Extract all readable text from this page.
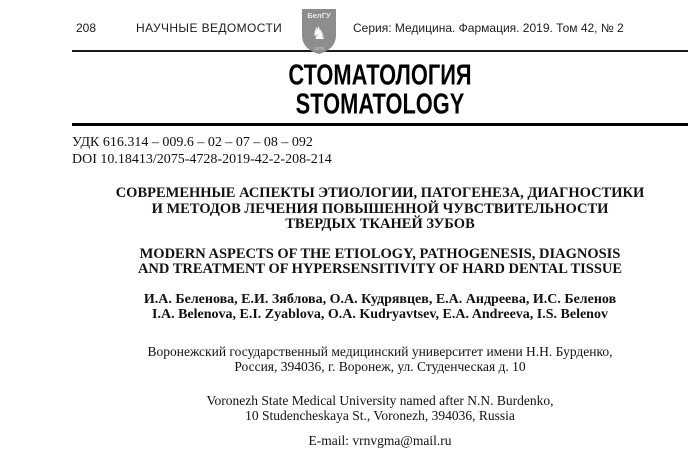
208	НАУЧНЫЕ ВЕДОМОСТИ
БелГУ
♞
1876
Серия: Медицина. Фармация. 2019. Том 42, № 2
СТОМАТОЛОГИЯ
STOMATOLOGY
УДК 616.314 – 009.6 – 02 – 07 – 08 – 092
DOI 10.18413/2075-4728-2019-42-2-208-214
СОВРЕМЕННЫЕ АСПЕКТЫ ЭТИОЛОГИИ, ПАТОГЕНЕЗА, ДИАГНОСТИКИ
И МЕТОДОВ ЛЕЧЕНИЯ ПОВЫШЕННОЙ ЧУВСТВИТЕЛЬНОСТИ
ТВЕРДЫХ ТКАНЕЙ ЗУБОВ
MODERN ASPECTS OF THE ETIOLOGY, PATHOGENESIS, DIAGNOSIS
AND TREATMENT OF HYPERSENSITIVITY OF HARD DENTAL TISSUE
И.А. Беленова, Е.И. Зяблова, О.А. Кудрявцев, Е.А. Андреева, И.С. Беленов
I.A. Belenova, E.I. Zyablova, O.A. Kudryavtsev, E.A. Andreeva, I.S. Belenov
Воронежский государственный медицинский университет имени Н.Н. Бурденко,
Россия, 394036, г. Воронеж, ул. Студенческая д. 10
Voronezh State Medical University named after N.N. Burdenko,
10 Studencheskaya St., Voronezh, 394036, Russia
E-mail: vrnvgma@mail.ru
